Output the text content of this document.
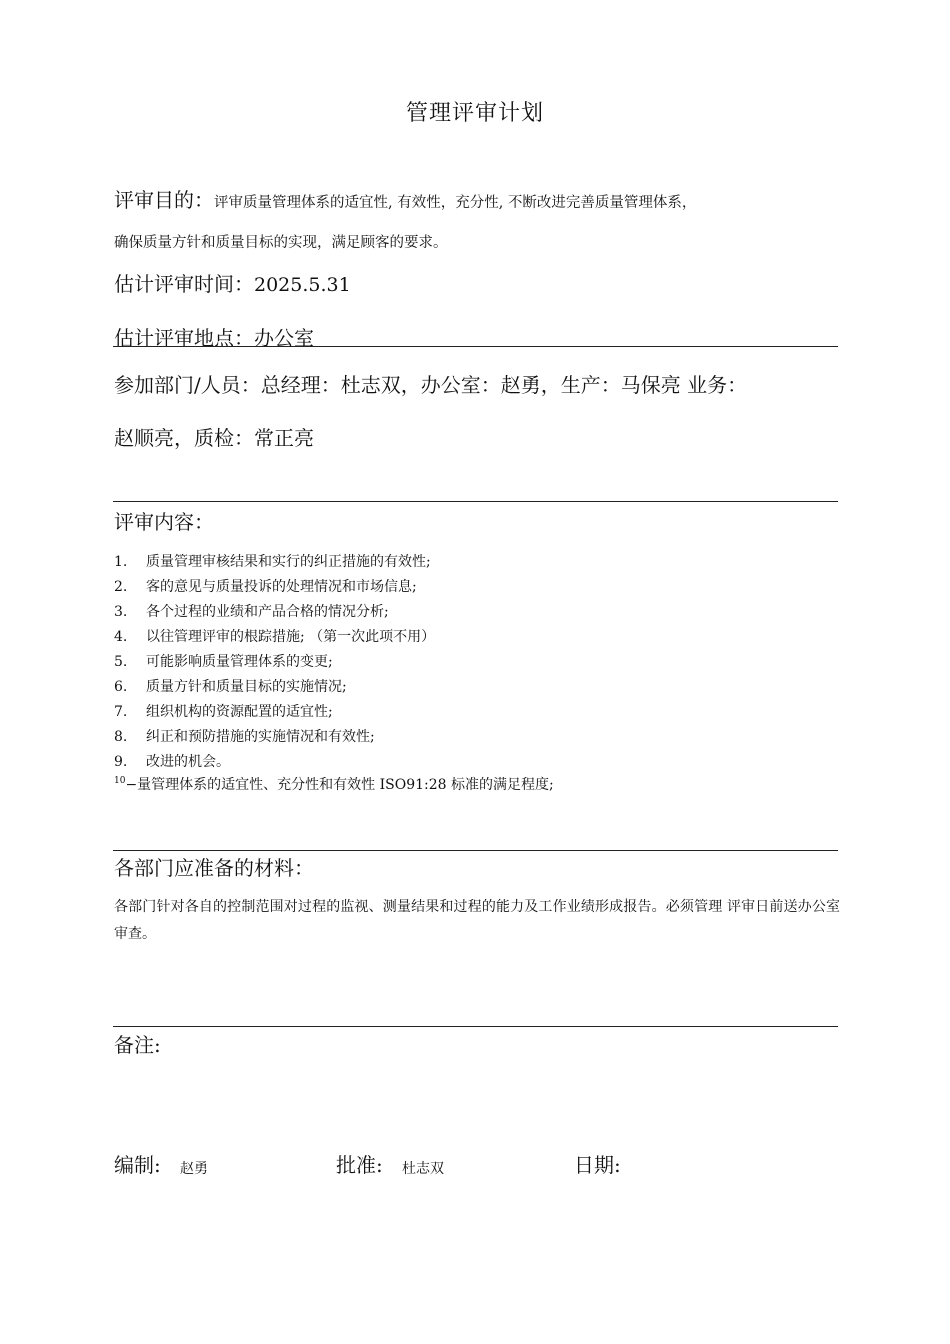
管理评审计划
评审目的：评审质量管理体系的适宜性, 有效性，充分性, 不断改进完善质量管理体系，
确保质量方针和质量目标的实现，满足顾客的要求。
估计评审时间：2025.5.31
估计评审地点：办公室
参加部门/人员：总经理：杜志双，办公室：赵勇，生产：马保亮 业务：
赵顺亮，质检：常正亮
评审内容：
1. 质量管理审核结果和实行的纠正措施的有效性;
2. 客的意见与质量投诉的处理情况和市场信息;
3. 各个过程的业绩和产品合格的情况分析;
4. 以往管理评审的根踪措施; （第一次此项不用）
5. 可能影响质量管理体系的变更;
6. 质量方针和质量目标的实施情况;
7. 组织机构的资源配置的适宜性;
8. 纠正和预防措施的实施情况和有效性;
9. 改进的机会。
$^{10}$−量管理体系的适宜性、充分性和有效性 ISO91:28 标准的满足程度;
各部门应准备的材料：
各部门针对各自的控制范围对过程的监视、测量结果和过程的能力及工作业绩形成报告。必须管理 评审日前送办公室审查。
备注:
编制: 赵勇	批准: 杜志双	日期:
